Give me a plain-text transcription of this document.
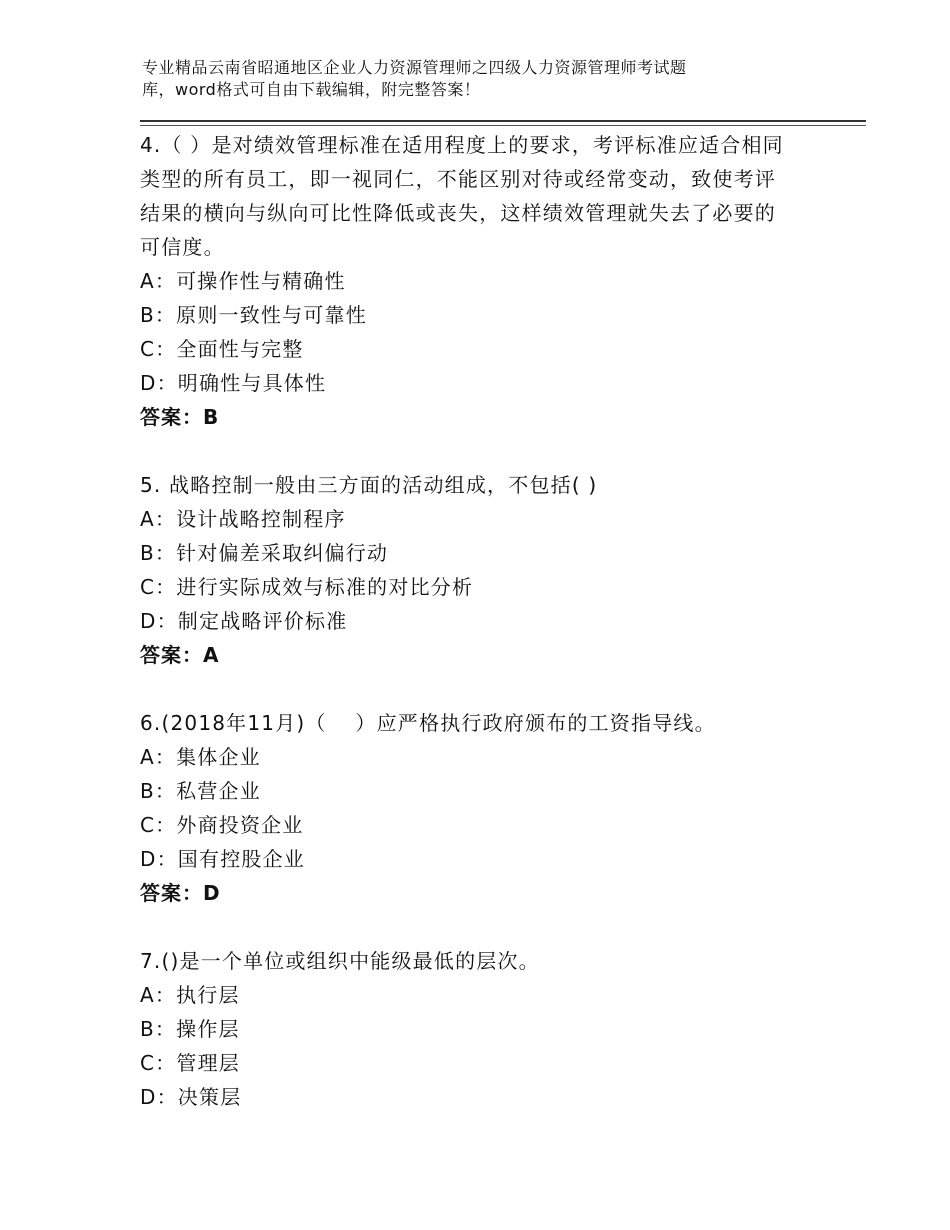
专业精品云南省昭通地区企业人力资源管理师之四级人力资源管理师考试题
库，word格式可自由下载编辑，附完整答案！
4.（ ）是对绩效管理标准在适用程度上的要求，考评标准应适合相同
类型的所有员工，即一视同仁，不能区别对待或经常变动，致使考评
结果的横向与纵向可比性降低或丧失，这样绩效管理就失去了必要的
可信度。
A：可操作性与精确性
B：原则一致性与可靠性
C：全面性与完整
D：明确性与具体性
答案：B
5. 战略控制一般由三方面的活动组成，不包括( )
A：设计战略控制程序
B：针对偏差采取纠偏行动
C：进行实际成效与标准的对比分析
D：制定战略评价标准
答案：A
6.(2018年11月)（　 ）应严格执行政府颁布的工资指导线。
A：集体企业
B：私营企业
C：外商投资企业
D：国有控股企业
答案：D
7.()是一个单位或组织中能级最低的层次。
A：执行层
B：操作层
C：管理层
D：决策层
